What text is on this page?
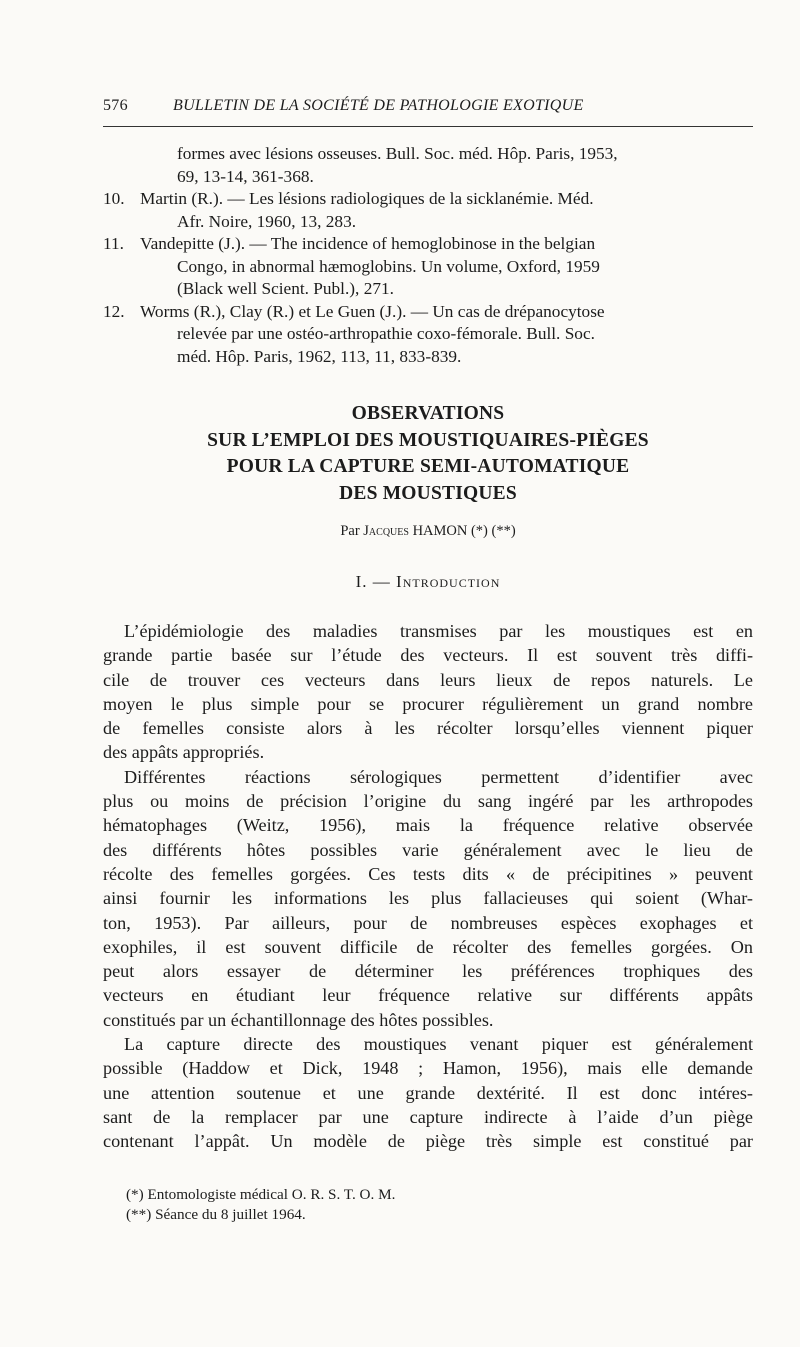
576	BULLETIN DE LA SOCIÉTÉ DE PATHOLOGIE EXOTIQUE
formes avec lésions osseuses. Bull. Soc. méd. Hôp. Paris, 1953,
69, 13-14, 361-368.
10. Martin (R.). — Les lésions radiologiques de la sicklanémie. Méd.
Afr. Noire, 1960, 13, 283.
11. Vandepitte (J.). — The incidence of hemoglobinose in the belgian
Congo, in abnormal hæmoglobins. Un volume, Oxford, 1959
(Black well Scient. Publ.), 271.
12. Worms (R.), Clay (R.) et Le Guen (J.). — Un cas de drépanocytose
relevée par une ostéo-arthropathie coxo-fémorale. Bull. Soc.
méd. Hôp. Paris, 1962, 113, 11, 833-839.
OBSERVATIONS
SUR L’EMPLOI DES MOUSTIQUAIRES-PIÈGES
POUR LA CAPTURE SEMI-AUTOMATIQUE
DES MOUSTIQUES
Par Jacques HAMON (*) (**)
I. — Introduction
L’épidémiologie des maladies transmises par les moustiques est en
grande partie basée sur l’étude des vecteurs. Il est souvent très diffi-
cile de trouver ces vecteurs dans leurs lieux de repos naturels. Le
moyen le plus simple pour se procurer régulièrement un grand nombre
de femelles consiste alors à les récolter lorsqu’elles viennent piquer
des appâts appropriés.
Différentes réactions sérologiques permettent d’identifier avec
plus ou moins de précision l’origine du sang ingéré par les arthropodes
hématophages (Weitz, 1956), mais la fréquence relative observée
des différents hôtes possibles varie généralement avec le lieu de
récolte des femelles gorgées. Ces tests dits « de précipitines » peuvent
ainsi fournir les informations les plus fallacieuses qui soient (Whar-
ton, 1953). Par ailleurs, pour de nombreuses espèces exophages et
exophiles, il est souvent difficile de récolter des femelles gorgées. On
peut alors essayer de déterminer les préférences trophiques des
vecteurs en étudiant leur fréquence relative sur différents appâts
constitués par un échantillonnage des hôtes possibles.
La capture directe des moustiques venant piquer est généralement
possible (Haddow et Dick, 1948 ; Hamon, 1956), mais elle demande
une attention soutenue et une grande dextérité. Il est donc intéres-
sant de la remplacer par une capture indirecte à l’aide d’un piège
contenant l’appât. Un modèle de piège très simple est constitué par
(*) Entomologiste médical O. R. S. T. O. M.
(**) Séance du 8 juillet 1964.
